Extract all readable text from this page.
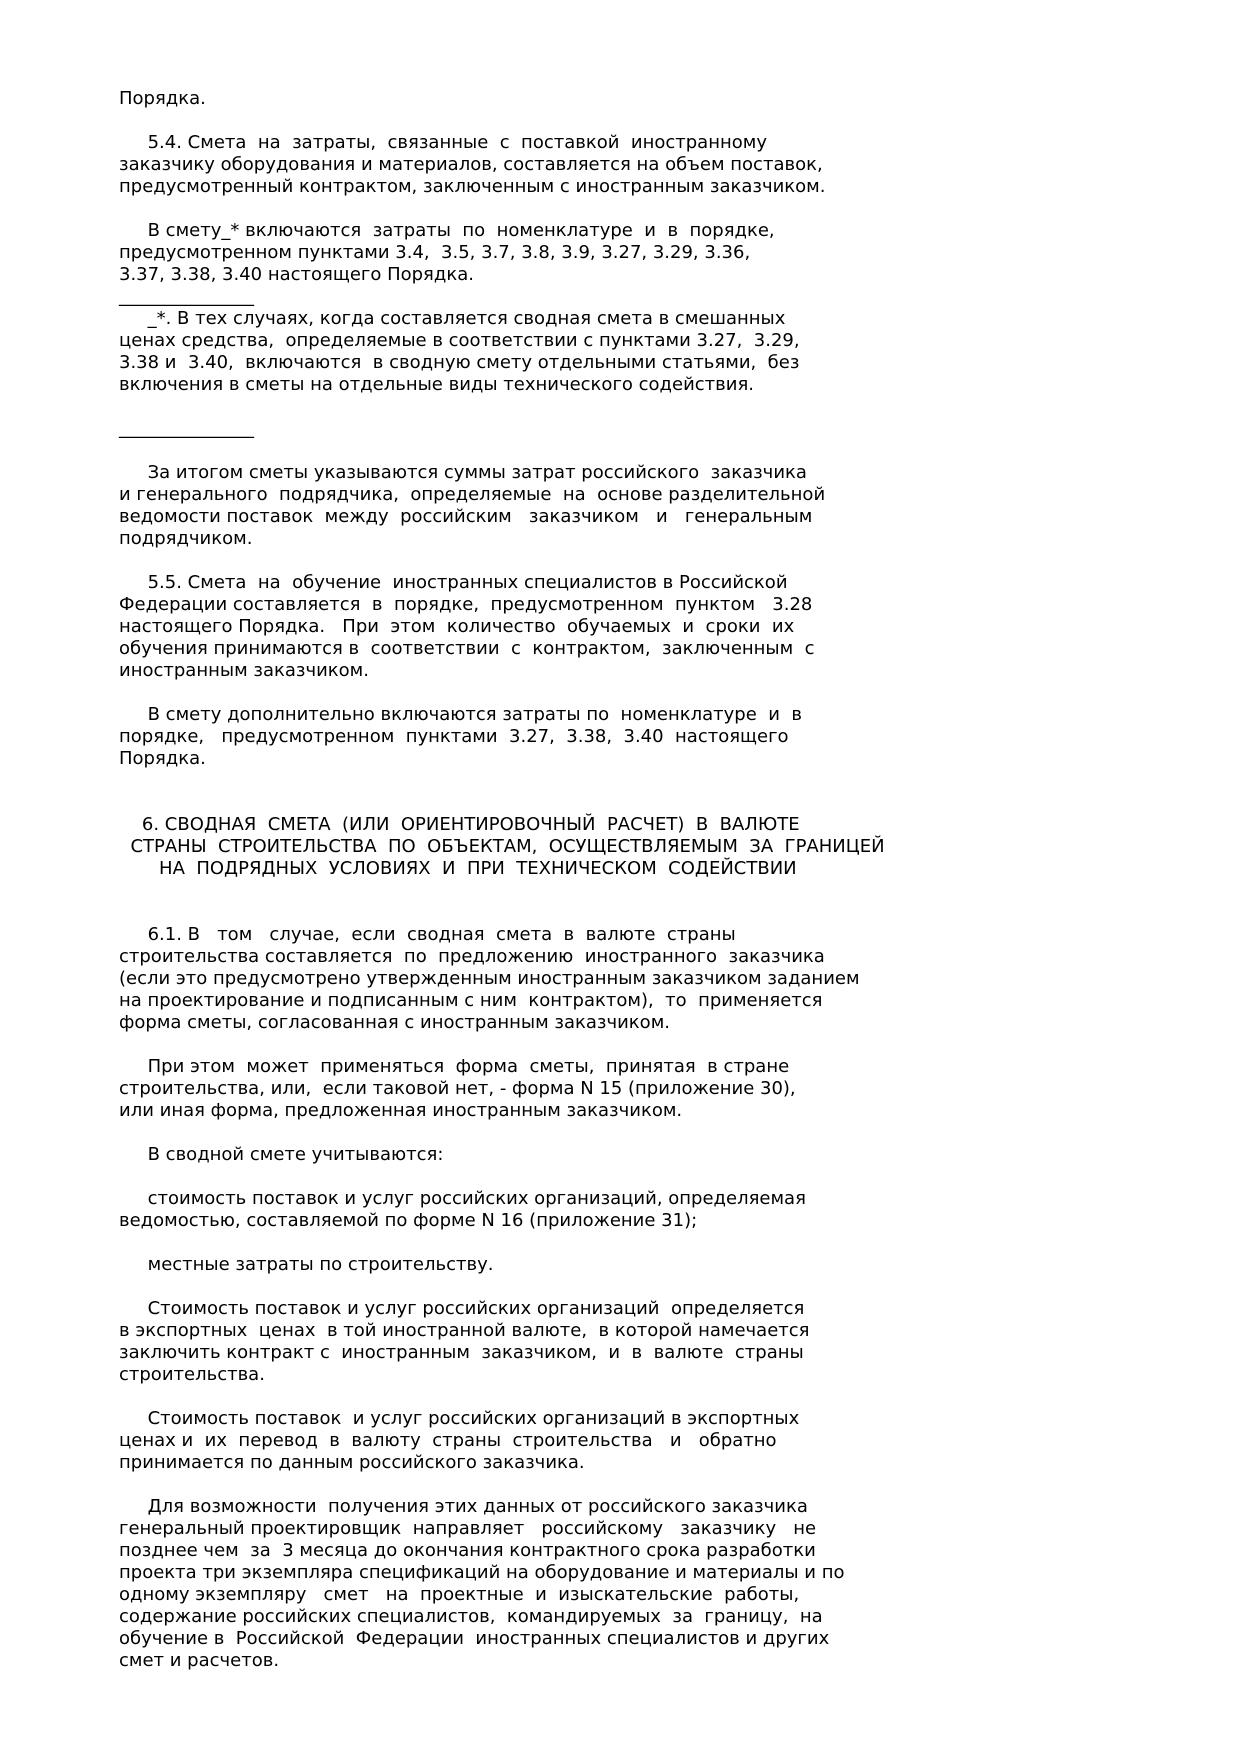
Порядка.
5.4. Смета  на  затраты,  связанные  с  поставкой  иностранному
заказчику оборудования и материалов, составляется на объем поставок,
предусмотренный контрактом, заключенным с иностранным заказчиком.
В смету_* включаются  затраты  по  номенклатуре  и  в  порядке,
предусмотренном пунктами 3.4,  3.5, 3.7, 3.8, 3.9, 3.27, 3.29, 3.36,
3.37, 3.38, 3.40 настоящего Порядка.
_______________
_*. В тех случаях, когда составляется сводная смета в смешанных
ценах средства,  определяемые в соответствии с пунктами 3.27,  3.29,
3.38 и  3.40,  включаются  в сводную смету отдельными статьями,  без
включения в сметы на отдельные виды технического содействия.
_______________
За итогом сметы указываются суммы затрат российского  заказчика
и генерального  подрядчика,  определяемые  на  основе разделительной
ведомости поставок  между  российским   заказчиком   и   генеральным
подрядчиком.
5.5. Смета  на  обучение  иностранных специалистов в Российской
Федерации составляется  в  порядке,  предусмотренном  пунктом   3.28
настоящего Порядка.   При  этом  количество  обучаемых  и  сроки  их
обучения принимаются в  соответствии  с  контрактом,  заключенным  с
иностранным заказчиком.
В смету дополнительно включаются затраты по  номенклатуре  и  в
порядке,   предусмотренном  пунктами  3.27,  3.38,  3.40  настоящего
Порядка.
6. СВОДНАЯ  СМЕТА  (ИЛИ  ОРИЕНТИРОВОЧНЫЙ  РАСЧЕТ)  В  ВАЛЮТЕ
СТРАНЫ  СТРОИТЕЛЬСТВА  ПО  ОБЪЕКТАМ,  ОСУЩЕСТВЛЯЕМЫМ  ЗА  ГРАНИЦЕЙ
НА  ПОДРЯДНЫХ  УСЛОВИЯХ  И  ПРИ  ТЕХНИЧЕСКОМ  СОДЕЙСТВИИ
6.1. В   том   случае,  если  сводная  смета  в  валюте  страны
строительства составляется  по  предложению  иностранного  заказчика
(если это предусмотрено утвержденным иностранным заказчиком заданием
на проектирование и подписанным с ним  контрактом),  то  применяется
форма сметы, согласованная с иностранным заказчиком.
При этом  может  применяться  форма  сметы,  принятая  в стране
строительства, или,  если таковой нет, - форма N 15 (приложение 30),
или иная форма, предложенная иностранным заказчиком.
В сводной смете учитываются:
стоимость поставок и услуг российских организаций, определяемая
ведомостью, составляемой по форме N 16 (приложение 31);
местные затраты по строительству.
Стоимость поставок и услуг российских организаций  определяется
в экспортных  ценах  в той иностранной валюте,  в которой намечается
заключить контракт с  иностранным  заказчиком,  и  в  валюте  страны
строительства.
Стоимость поставок  и услуг российских организаций в экспортных
ценах и  их  перевод  в  валюту  страны  строительства   и   обратно
принимается по данным российского заказчика.
Для возможности  получения этих данных от российского заказчика
генеральный проектировщик  направляет   российскому   заказчику   не
позднее чем  за  3 месяца до окончания контрактного срока разработки
проекта три экземпляра спецификаций на оборудование и материалы и по
одному экземпляру   смет   на  проектные  и  изыскательские  работы,
содержание российских специалистов,  командируемых  за  границу,  на
обучение в  Российской  Федерации  иностранных специалистов и других
смет и расчетов.
